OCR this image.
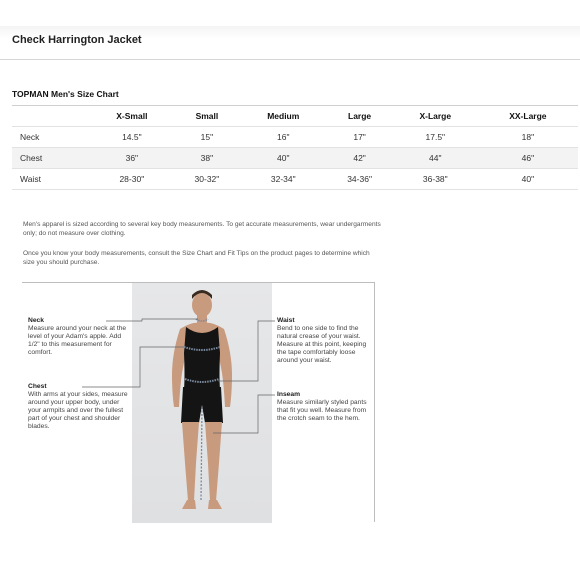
Check Harrington Jacket
TOPMAN Men's Size Chart
	X-Small	Small	Medium	Large	X-Large	XX-Large
Neck	14.5"	15"	16"	17"	17.5"	18"
Chest	36"	38"	40"	42"	44"	46"
Waist	28-30"	30-32"	32-34"	34-36"	36-38"	40"

Men's apparel is sized according to several key body measurements. To get accurate measurements, wear undergarments only; do not measure over clothing.

Once you know your body measurements, consult the Size Chart and Fit Tips on the product pages to determine which size you should purchase.

Neck
Measure around your neck at the level of your Adam's apple. Add 1/2" to this measurement for comfort.
Chest
With arms at your sides, measure around your upper body, under your armpits and over the fullest part of your chest and shoulder blades.
Waist
Bend to one side to find the natural crease of your waist. Measure at this point, keeping the tape comfortably loose around your waist.
Inseam
Measure similarly styled pants that fit you well. Measure from the crotch seam to the hem.
